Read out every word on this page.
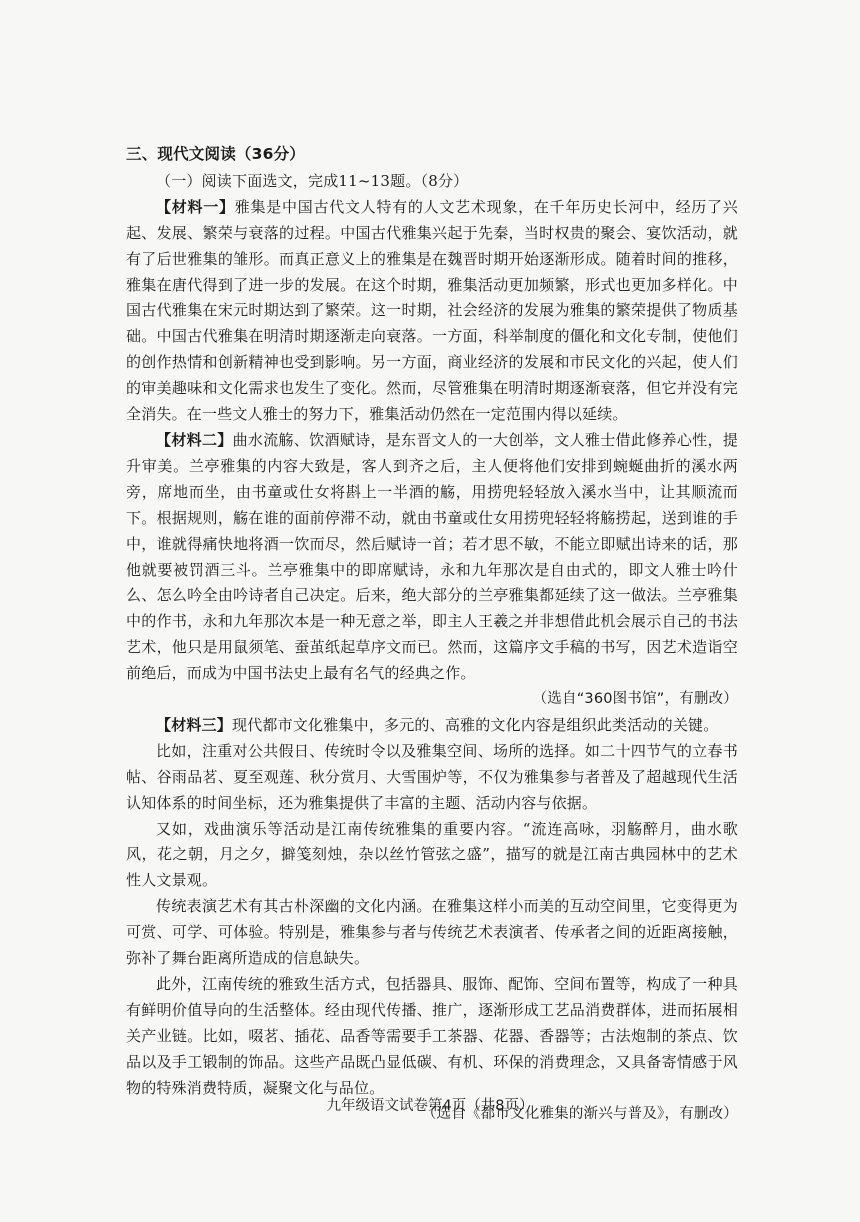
三、现代文阅读（36分）

（一）阅读下面选文，完成11~13题。（8分）

【材料一】雅集是中国古代文人特有的人文艺术现象，在千年历史长河中，经历了兴起、发展、繁荣与衰落的过程。中国古代雅集兴起于先秦，当时权贵的聚会、宴饮活动，就有了后世雅集的雏形。而真正意义上的雅集是在魏晋时期开始逐渐形成。随着时间的推移，雅集在唐代得到了进一步的发展。在这个时期，雅集活动更加频繁，形式也更加多样化。中国古代雅集在宋元时期达到了繁荣。这一时期，社会经济的发展为雅集的繁荣提供了物质基础。中国古代雅集在明清时期逐渐走向衰落。一方面，科举制度的僵化和文化专制，使他们的创作热情和创新精神也受到影响。另一方面，商业经济的发展和市民文化的兴起，使人们的审美趣味和文化需求也发生了变化。然而，尽管雅集在明清时期逐渐衰落，但它并没有完全消失。在一些文人雅士的努力下，雅集活动仍然在一定范围内得以延续。

【材料二】曲水流觞、饮酒赋诗，是东晋文人的一大创举，文人雅士借此修养心性，提升审美。兰亭雅集的内容大致是，客人到齐之后，主人便将他们安排到蜿蜒曲折的溪水两旁，席地而坐，由书童或仕女将斟上一半酒的觞，用捞兜轻轻放入溪水当中，让其顺流而下。根据规则，觞在谁的面前停滞不动，就由书童或仕女用捞兜轻轻将觞捞起，送到谁的手中，谁就得痛快地将酒一饮而尽，然后赋诗一首；若才思不敏，不能立即赋出诗来的话，那他就要被罚酒三斗。兰亭雅集中的即席赋诗，永和九年那次是自由式的，即文人雅士吟什么、怎么吟全由吟诗者自己决定。后来，绝大部分的兰亭雅集都延续了这一做法。兰亭雅集中的作书，永和九年那次本是一种无意之举，即主人王羲之并非想借此机会展示自己的书法艺术，他只是用鼠须笔、蚕茧纸起草序文而已。然而，这篇序文手稿的书写，因艺术造诣空前绝后，而成为中国书法史上最有名气的经典之作。

（选自“360图书馆”，有删改）

【材料三】现代都市文化雅集中，多元的、高雅的文化内容是组织此类活动的关键。

比如，注重对公共假日、传统时令以及雅集空间、场所的选择。如二十四节气的立春书帖、谷雨品茗、夏至观莲、秋分赏月、大雪围炉等，不仅为雅集参与者普及了超越现代生活认知体系的时间坐标，还为雅集提供了丰富的主题、活动内容与依据。

又如，戏曲演乐等活动是江南传统雅集的重要内容。“流连高咏，羽觞醉月，曲水歌风，花之朝，月之夕，擗笺刻烛，杂以丝竹管弦之盛”，描写的就是江南古典园林中的艺术性人文景观。

传统表演艺术有其古朴深幽的文化内涵。在雅集这样小而美的互动空间里，它变得更为可赏、可学、可体验。特别是，雅集参与者与传统艺术表演者、传承者之间的近距离接触，弥补了舞台距离所造成的信息缺失。

此外，江南传统的雅致生活方式，包括器具、服饰、配饰、空间布置等，构成了一种具有鲜明价值导向的生活整体。经由现代传播、推广，逐渐形成工艺品消费群体，进而拓展相关产业链。比如，啜茗、插花、品香等需要手工茶器、花器、香器等；古法炮制的茶点、饮品以及手工锻制的饰品。这些产品既凸显低碳、有机、环保的消费理念，又具备寄情感于风物的特殊消费特质，凝聚文化与品位。

（选自《都市文化雅集的渐兴与普及》，有删改）

九年级语文试卷第4页（共8页）
